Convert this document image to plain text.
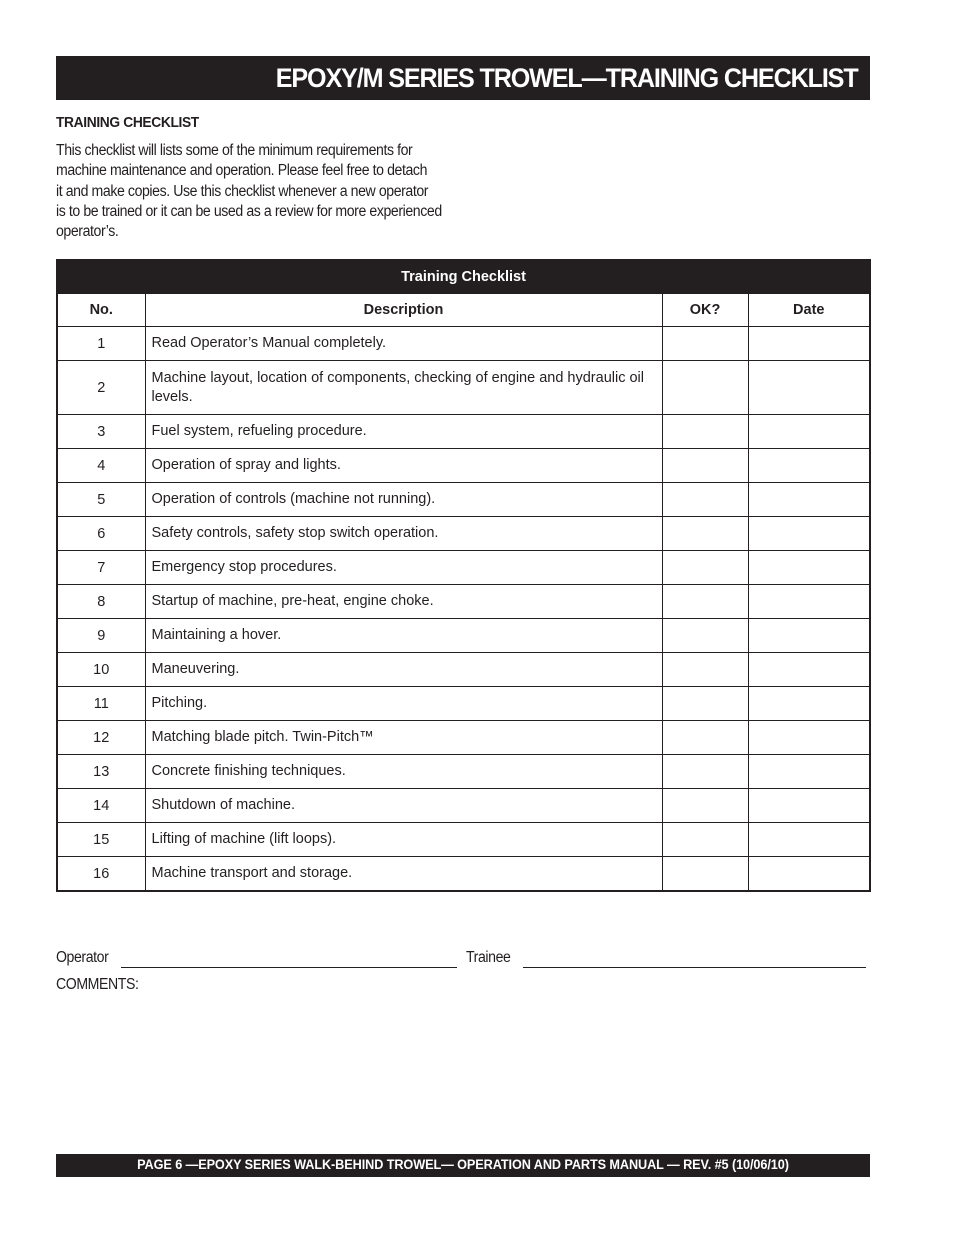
EPOXY/M SERIES TROWEL—TRAINING CHECKLIST
TRAINING CHECKLIST
This checklist will lists some of the minimum requirements for
machine maintenance and operation. Please feel free to detach
it and make copies. Use this checklist whenever a new operator
is to be trained or it can be used as a review for more experienced
operator’s.
Training Checklist			
No.	Description	OK?	Date
1	Read Operator’s Manual completely.		
2	Machine layout, location of components, checking of engine and hydraulic oil levels.		
3	Fuel system, refueling procedure.		
4	Operation of spray and lights.		
5	Operation of controls (machine not running).		
6	Safety controls, safety stop switch operation.		
7	Emergency stop procedures.		
8	Startup of machine, pre-heat, engine choke.		
9	Maintaining a hover.		
10	Maneuvering.		
11	Pitching.		
12	Matching blade pitch. Twin-Pitch™		
13	Concrete finishing techniques.		
14	Shutdown of machine.		
15	Lifting of machine (lift loops).		
16	Machine transport and storage.		
Operator	Trainee
COMMENTS:
PAGE 6 —EPOXY SERIES WALK-BEHIND TROWEL— OPERATION AND PARTS MANUAL — REV. #5 (10/06/10)
